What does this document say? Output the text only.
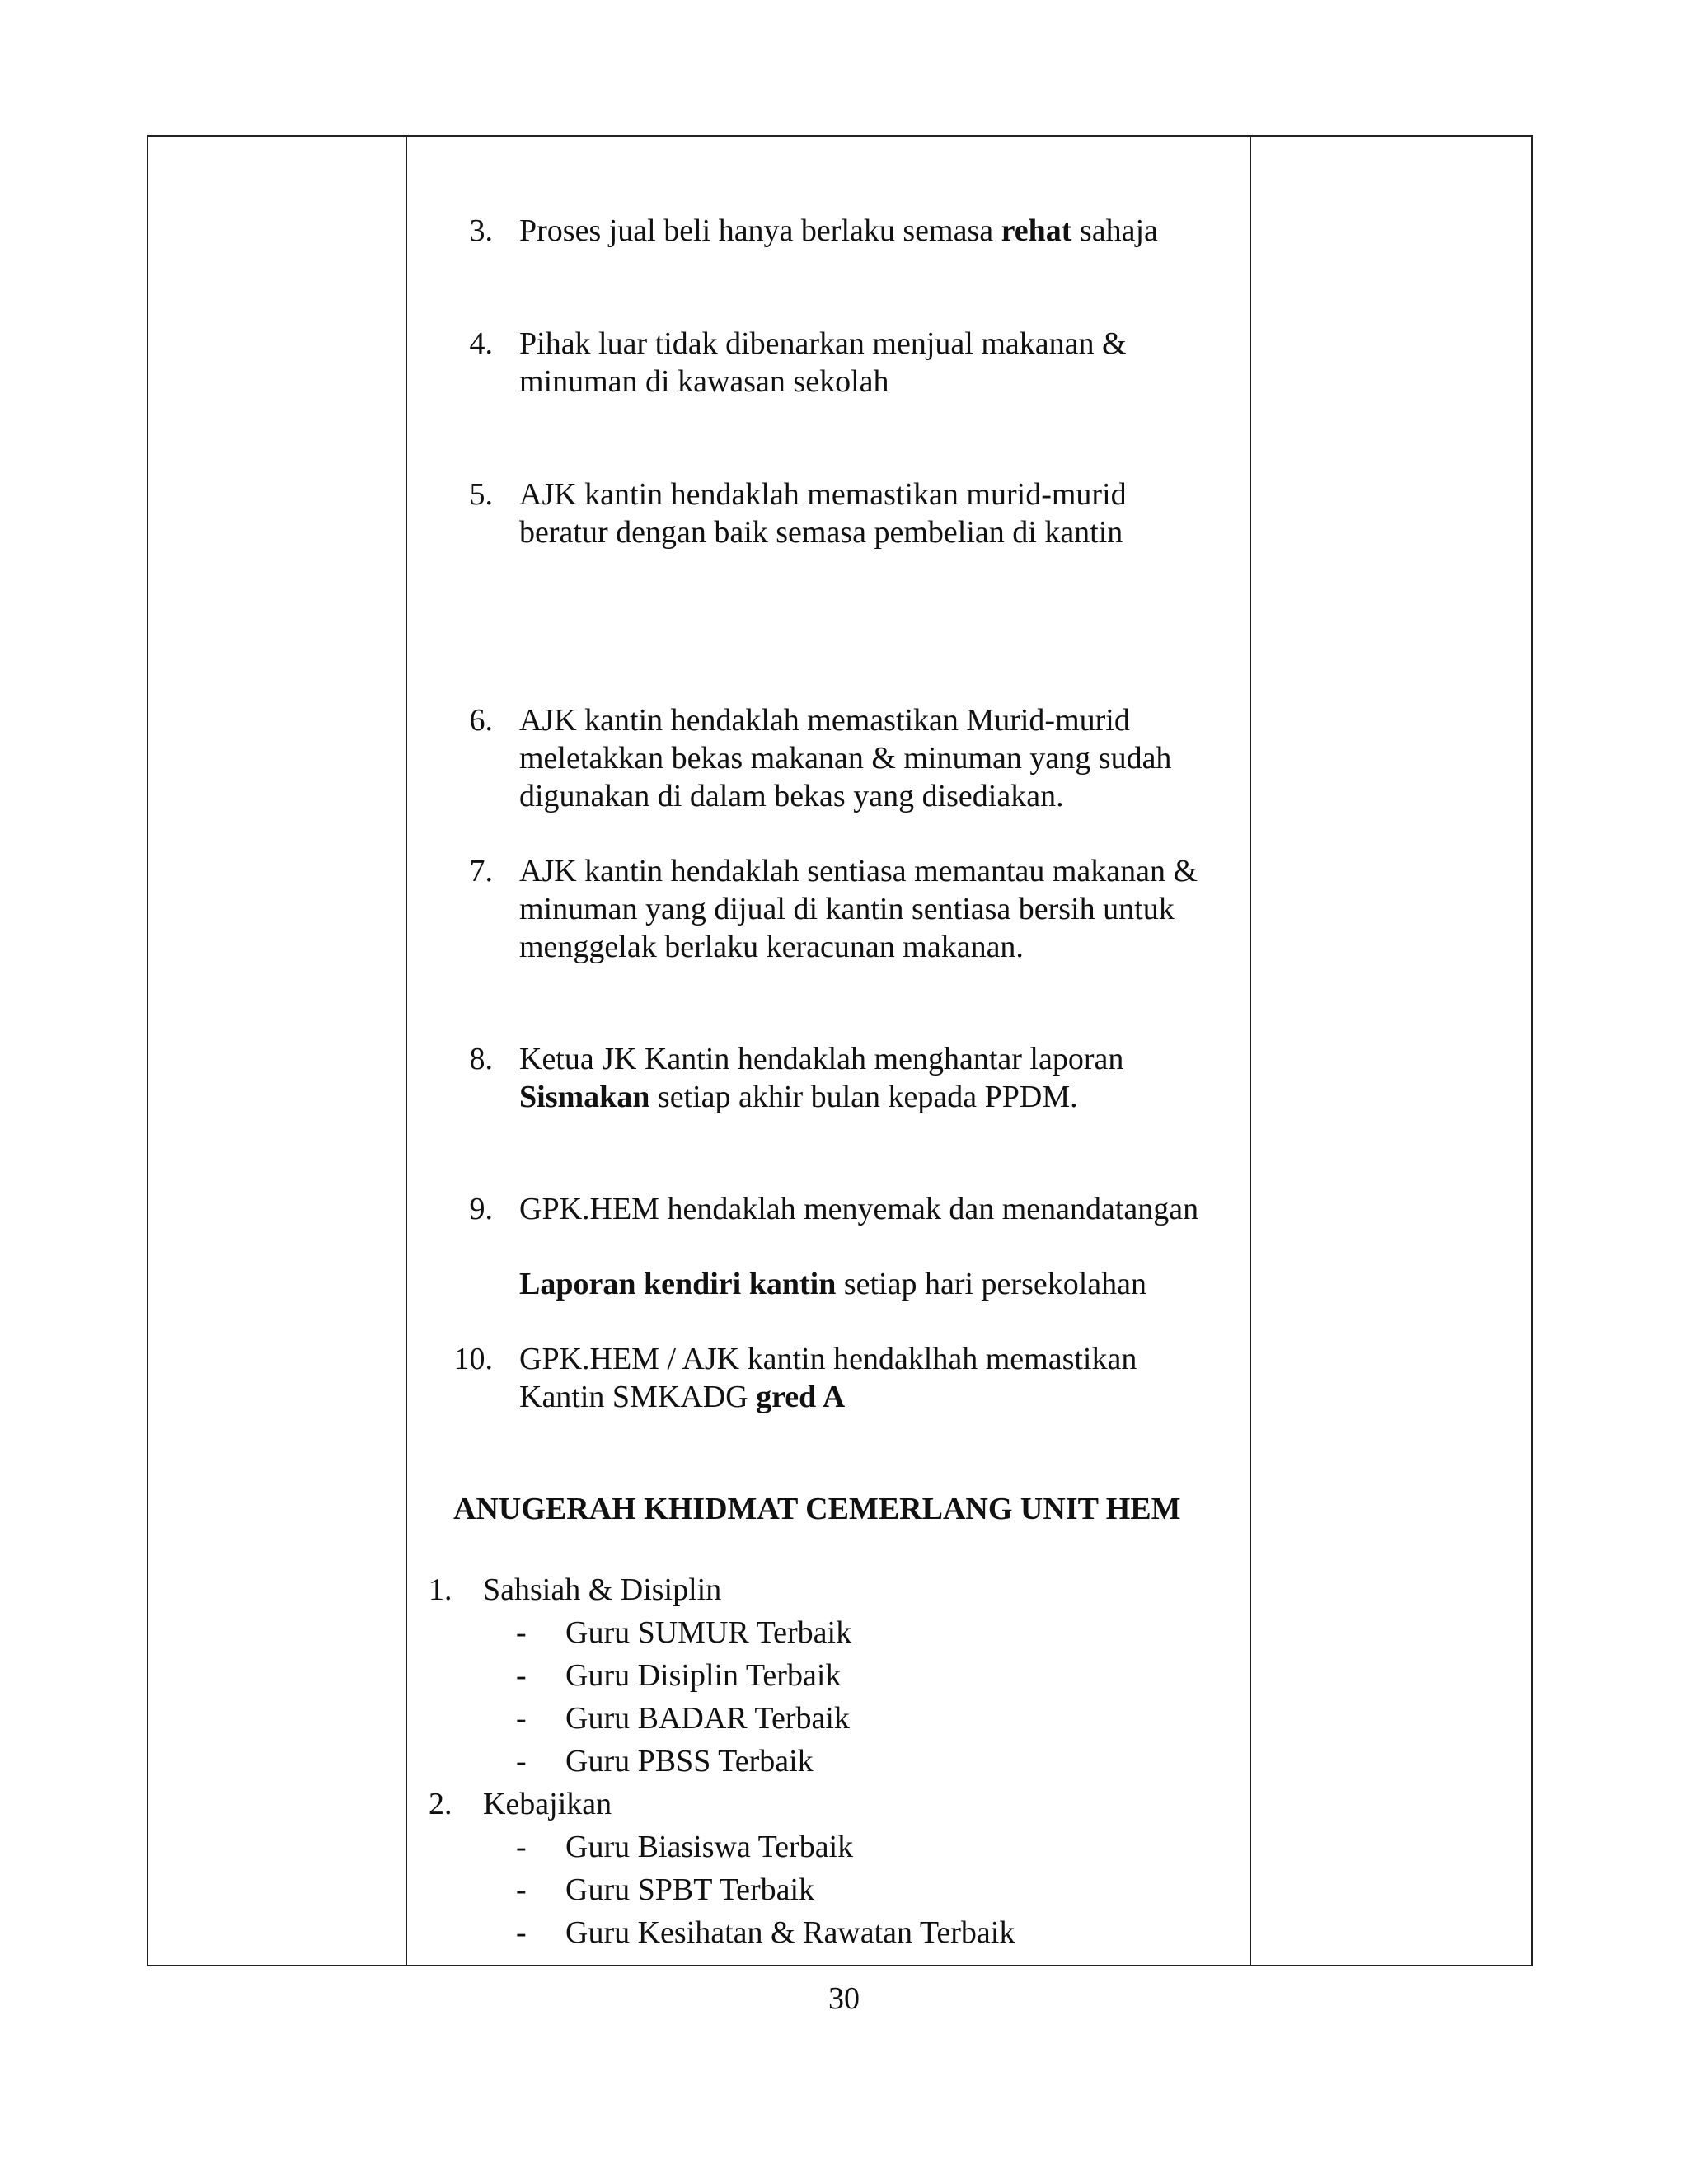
3. Proses jual beli hanya berlaku semasa rehat sahaja
4. Pihak luar tidak dibenarkan menjual makanan &
minuman di kawasan sekolah
5. AJK kantin hendaklah memastikan murid-murid
beratur dengan baik semasa pembelian di kantin
6. AJK kantin hendaklah memastikan Murid-murid
meletakkan bekas makanan & minuman yang sudah
digunakan di dalam bekas yang disediakan.
7. AJK kantin hendaklah sentiasa memantau makanan &
minuman yang dijual di kantin sentiasa bersih untuk
menggelak berlaku keracunan makanan.
8. Ketua JK Kantin hendaklah menghantar laporan
Sismakan setiap akhir bulan kepada PPDM.
9. GPK.HEM hendaklah menyemak dan menandatangan
Laporan kendiri kantin setiap hari persekolahan
10. GPK.HEM / AJK kantin hendaklhah memastikan
Kantin SMKADG gred A
ANUGERAH KHIDMAT CEMERLANG UNIT HEM
1. Sahsiah & Disiplin
- Guru SUMUR Terbaik
- Guru Disiplin Terbaik
- Guru BADAR Terbaik
- Guru PBSS Terbaik
2. Kebajikan
- Guru Biasiswa Terbaik
- Guru SPBT Terbaik
- Guru Kesihatan & Rawatan Terbaik
30
